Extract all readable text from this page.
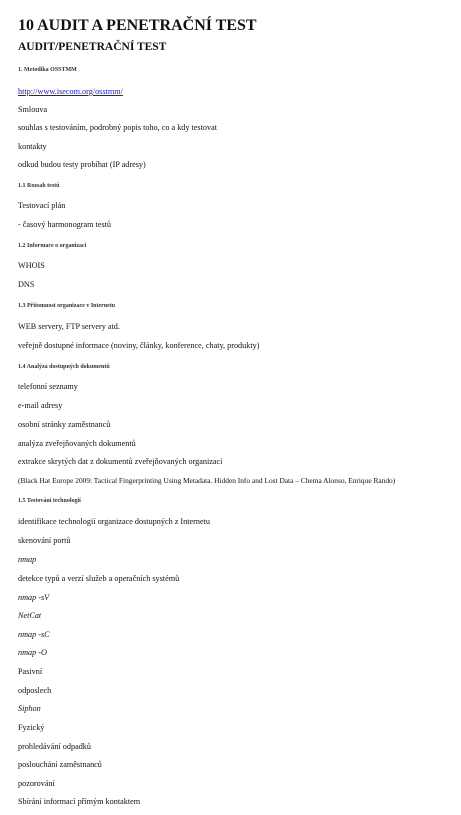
10 AUDIT A PENETRAČNÍ TEST
AUDIT/PENETRAČNÍ TEST
1. Metodika OSSTMM
http://www.isecom.org/osstmm/
Smlouva
souhlas s testováním, podrobný popis toho, co a kdy testovat
kontakty
odkud budou testy probíhat (IP adresy)
1.1 Rozsah testů
Testovací plán
- časový harmonogram testů
1.2 Informace o organizaci
WHOIS
DNS
1.3 Přítomnost organizace v Internetu
WEB servery, FTP servery atd.
veřejně dostupné informace (noviny, články, konference, chaty, produkty)
1.4 Analýza dostupných dokumentů
telefonní seznamy
e-mail adresy
osobní stránky zaměstnanců
analýza zveřejňovaných dokumentů
extrakce skrytých dat z dokumentů zveřejňovaných organizací
(Black Hat Europe 2009: Tactical Fingerprinting Using Metadata. Hidden Info and Lost Data – Chema Alonso, Enrique Rando)
1.5 Testování technologií
identifikace technologií organizace dostupných z Internetu
skenování portů
nmap
detekce typů a verzí služeb a operačních systémů
nmap -sV
NetCat
nmap -sC
nmap -O
Pasivní
odposlech
Siphon
Fyzický
prohledávání odpadků
poslouchání zaměstnanců
pozorování
Sbírání informací přímým kontaktem
